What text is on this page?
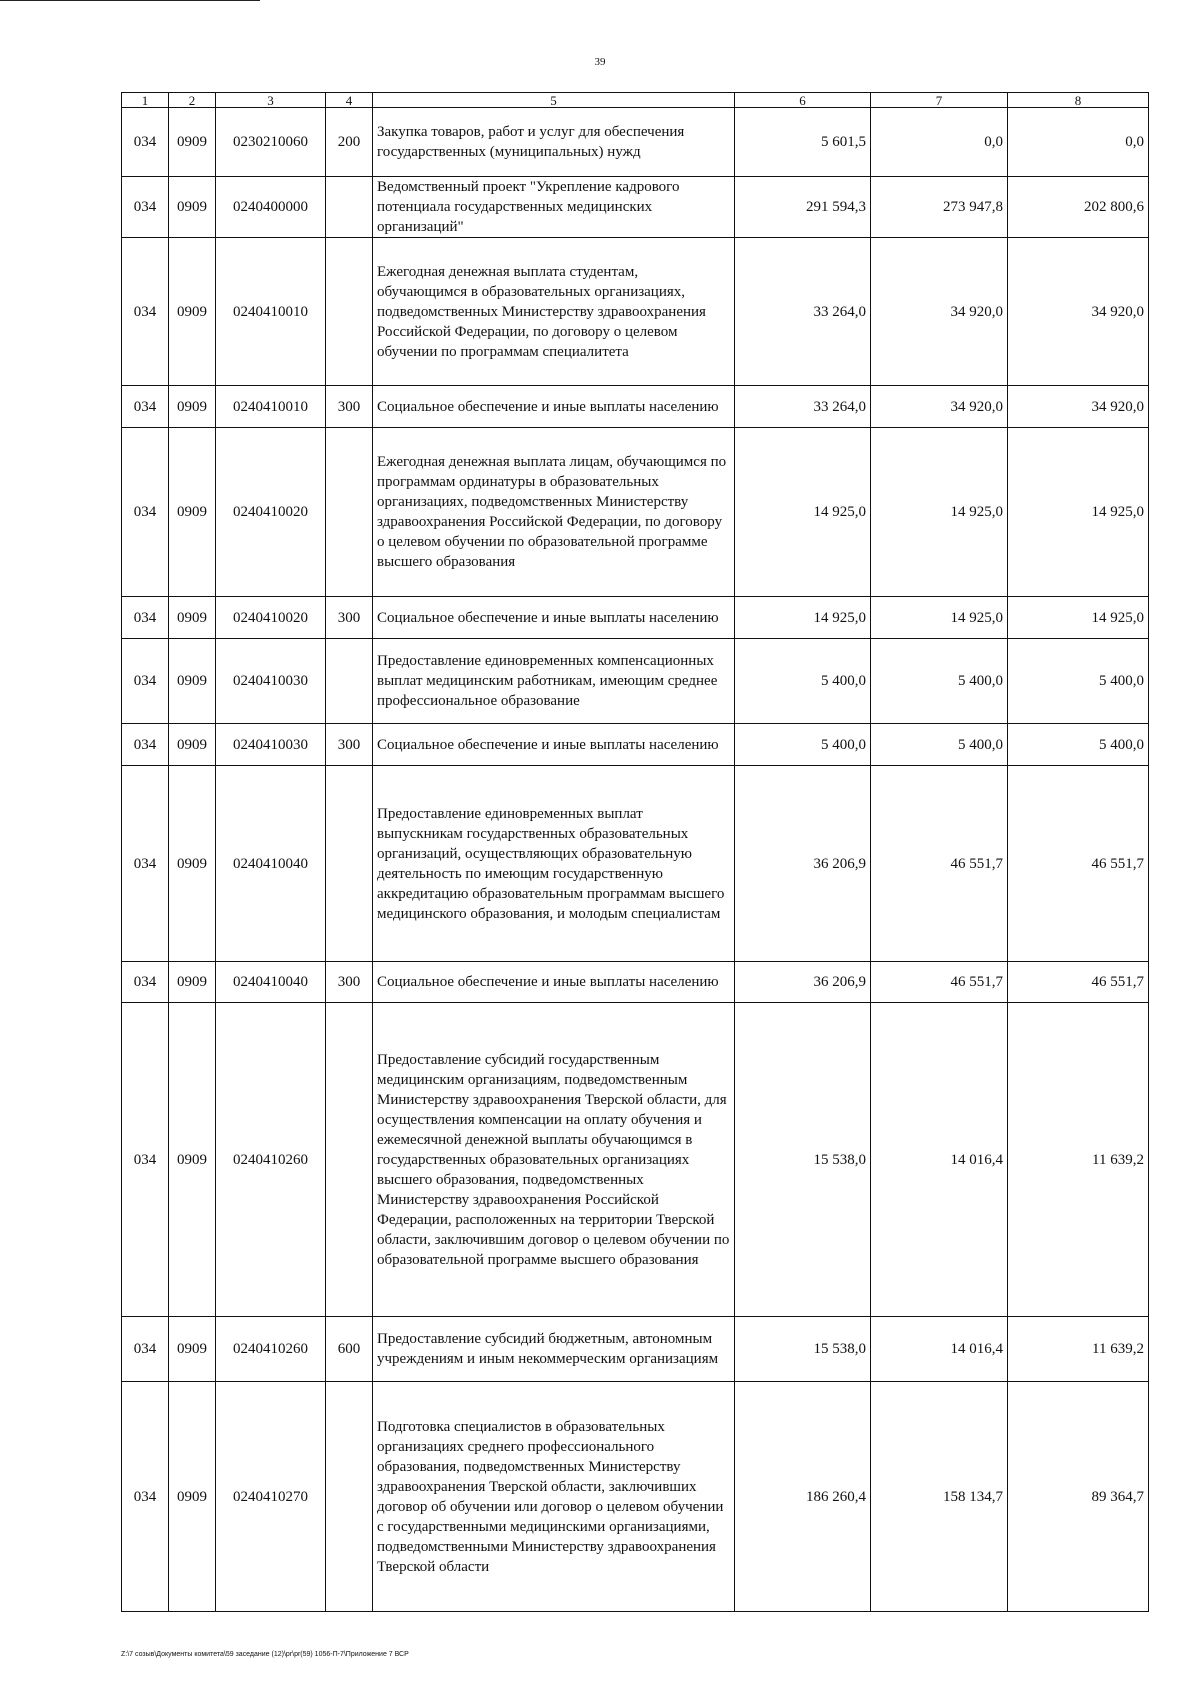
39
1	2	3	4	5	6	7	8
034	0909	0230210060	200	Закупка товаров, работ и услуг для обеспечения государственных (муниципальных) нужд	5 601,5	0,0	0,0
034	0909	0240400000		Ведомственный проект "Укрепление кадрового потенциала государственных медицинских организаций"	291 594,3	273 947,8	202 800,6
034	0909	0240410010		Ежегодная денежная выплата студентам, обучающимся в образовательных организациях, подведомственных Министерству здравоохранения Российской Федерации, по договору о целевом обучении по программам специалитета	33 264,0	34 920,0	34 920,0
034	0909	0240410010	300	Социальное обеспечение и иные выплаты населению	33 264,0	34 920,0	34 920,0
034	0909	0240410020		Ежегодная денежная выплата лицам, обучающимся по программам ординатуры в образовательных организациях, подведомственных Министерству здравоохранения Российской Федерации, по договору о целевом обучении по образовательной программе высшего образования	14 925,0	14 925,0	14 925,0
034	0909	0240410020	300	Социальное обеспечение и иные выплаты населению	14 925,0	14 925,0	14 925,0
034	0909	0240410030		Предоставление единовременных компенсационных выплат медицинским работникам, имеющим среднее профессиональное образование	5 400,0	5 400,0	5 400,0
034	0909	0240410030	300	Социальное обеспечение и иные выплаты населению	5 400,0	5 400,0	5 400,0
034	0909	0240410040		Предоставление единовременных выплат выпускникам государственных образовательных организаций, осуществляющих образовательную деятельность по имеющим государственную аккредитацию образовательным программам высшего медицинского образования, и молодым специалистам	36 206,9	46 551,7	46 551,7
034	0909	0240410040	300	Социальное обеспечение и иные выплаты населению	36 206,9	46 551,7	46 551,7
034	0909	0240410260		Предоставление субсидий государственным медицинским организациям, подведомственным Министерству здравоохранения Тверской области, для осуществления компенсации на оплату обучения и ежемесячной денежной выплаты обучающимся в государственных образовательных организациях высшего образования, подведомственных Министерству здравоохранения Российской Федерации, расположенных на территории Тверской области, заключившим договор о целевом обучении по образовательной программе высшего образования	15 538,0	14 016,4	11 639,2
034	0909	0240410260	600	Предоставление субсидий бюджетным, автономным учреждениям и иным некоммерческим организациям	15 538,0	14 016,4	11 639,2
034	0909	0240410270		Подготовка специалистов в образовательных организациях среднего профессионального образования, подведомственных Министерству здравоохранения Тверской области, заключивших договор об обучении или договор о целевом обучении с государственными медицинскими организациями, подведомственными Министерству здравоохранения Тверской области	186 260,4	158 134,7	89 364,7
Z:\7 созыв\Документы комитета\59 заседание (12)\pr\pr(59) 1056-П-7\Приложение 7 ВСР
